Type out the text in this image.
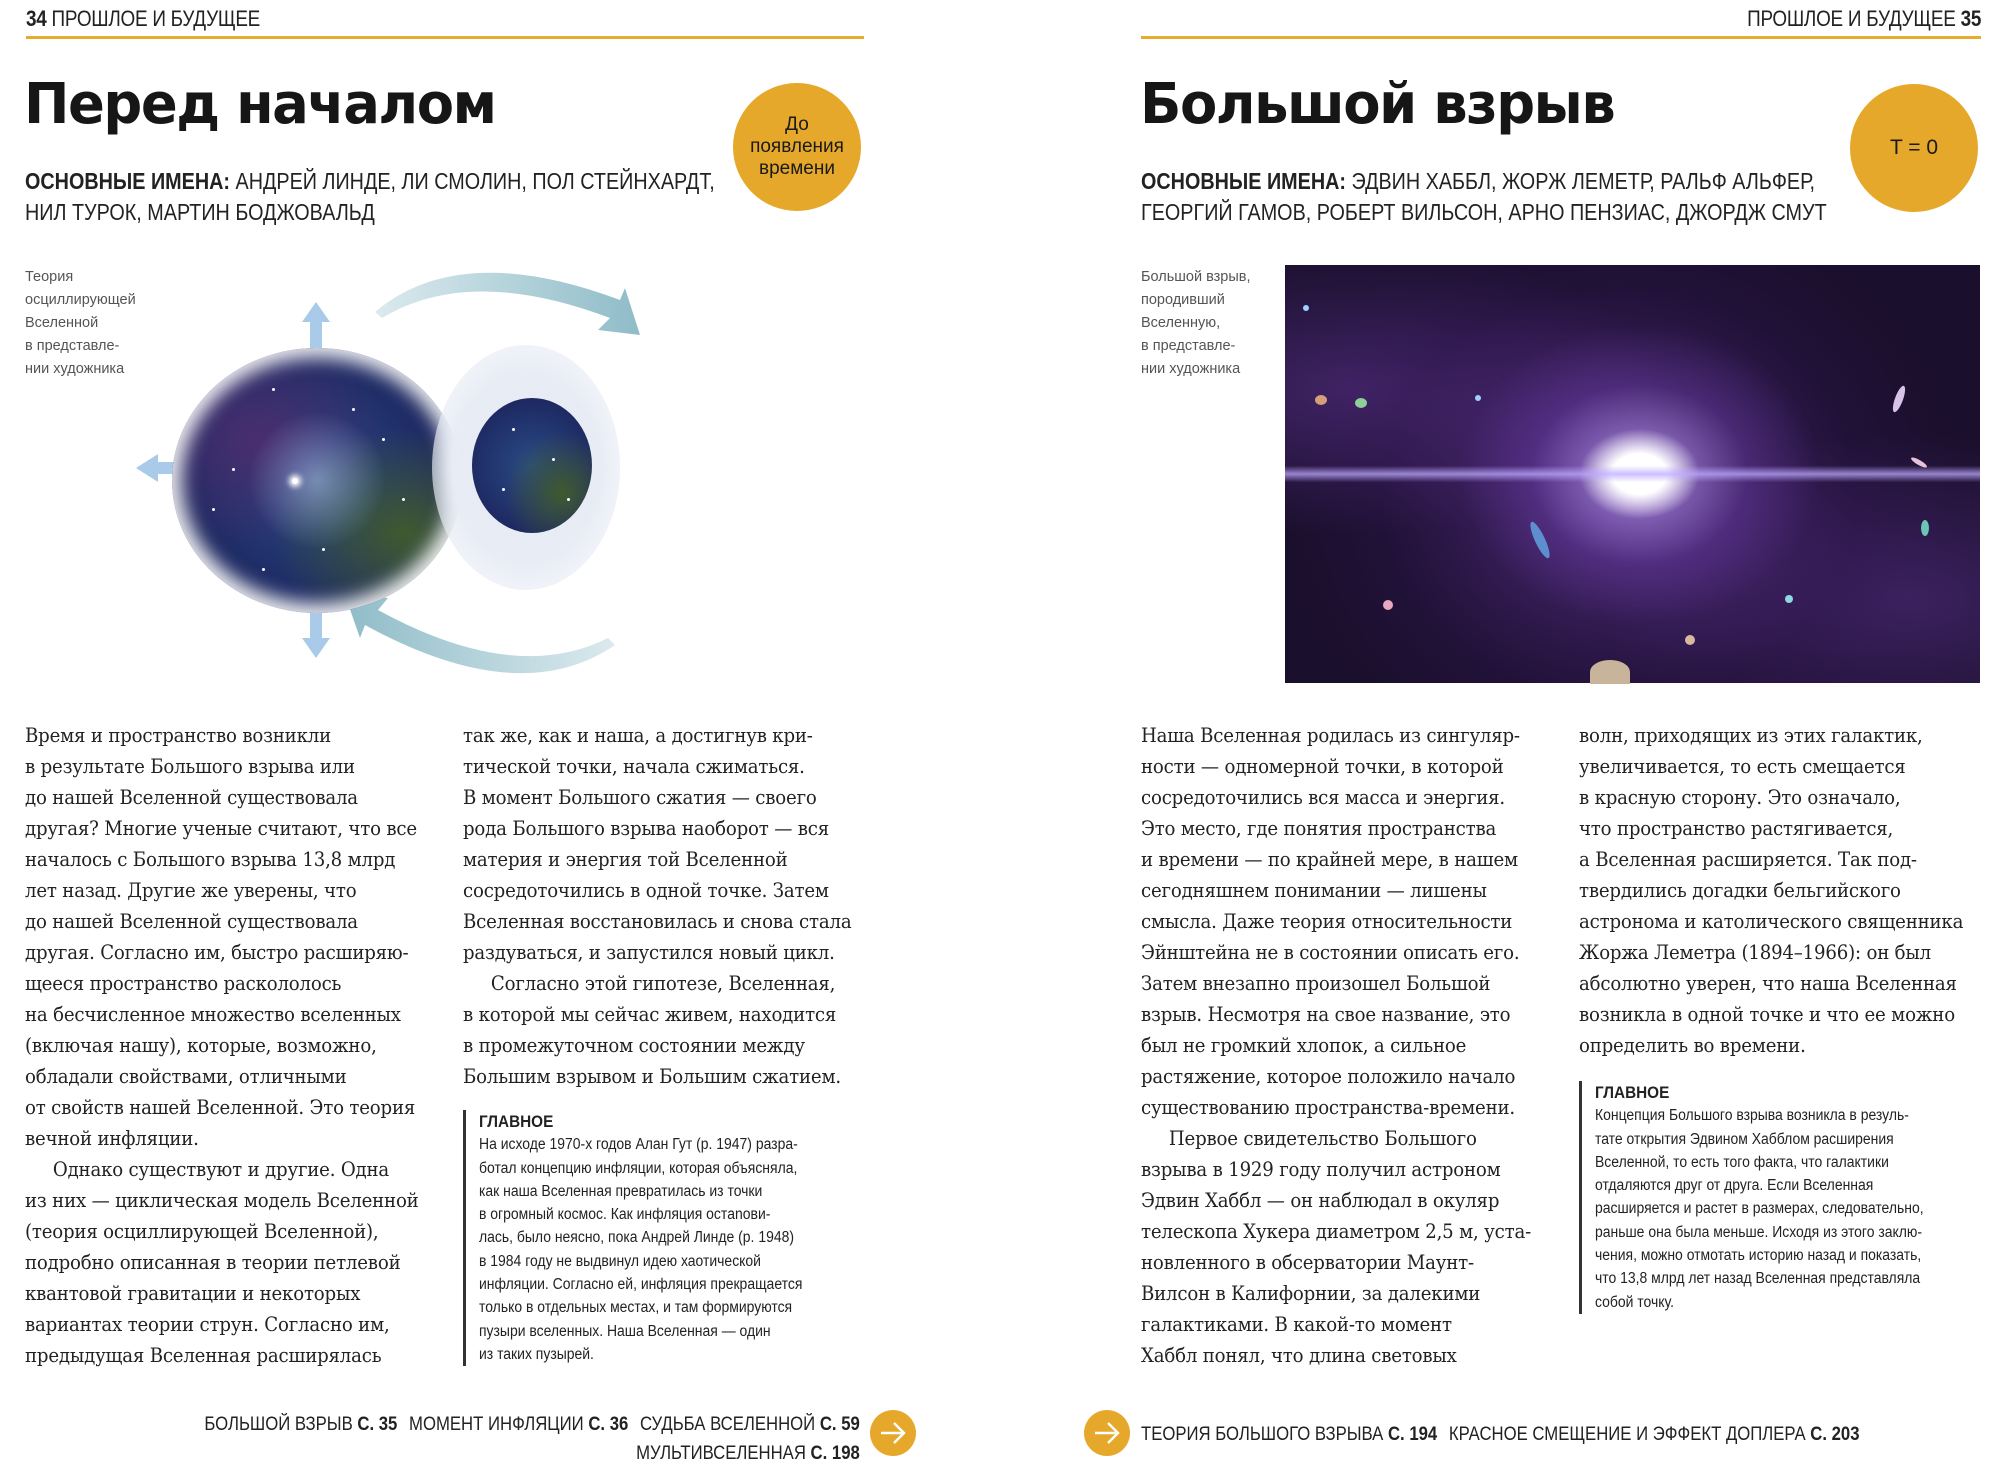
34 ПРОШЛОЕ И БУДУЩЕЕ
Перед началом	До
появления
времени
ОСНОВНЫЕ ИМЕНА: АНДРЕЙ ЛИНДЕ, ЛИ СМОЛИН, ПОЛ СТЕЙНХАРДТ,
НИЛ ТУРОК, МАРТИН БОДЖОВАЛЬД
Теория
осциллирующей
Вселенной
в представле-
нии художника
Время и пространство возникли
в результате Большого взрыва или
до нашей Вселенной существовала
другая? Многие ученые считают, что все
началось с Большого взрыва 13,8 млрд
лет назад. Другие же уверены, что
до нашей Вселенной существовала
другая. Согласно им, быстро расширяю-
щееся пространство раскололось
на бесчисленное множество вселенных
(включая нашу), которые, возможно,
обладали свойствами, отличными
от свойств нашей Вселенной. Это теория
вечной инфляции.
Однако существуют и другие. Одна
из них — циклическая модель Вселенной
(теория осциллирующей Вселенной),
подробно описанная в теории петлевой
квантовой гравитации и некоторых
вариантах теории струн. Согласно им,
предыдущая Вселенная расширялась
так же, как и наша, а достигнув кри-
тической точки, начала сжиматься.
В момент Большого сжатия — своего
рода Большого взрыва наоборот — вся
материя и энергия той Вселенной
сосредоточились в одной точке. Затем
Вселенная восстановилась и снова стала
раздуваться, и запустился новый цикл.
Согласно этой гипотезе, Вселенная,
в которой мы сейчас живем, находится
в промежуточном состоянии между
Большим взрывом и Большим сжатием.
ГЛАВНОЕ
На исходе 1970-х годов Алан Гут (р. 1947) разра-
ботал концепцию инфляции, которая объясняла,
как наша Вселенная превратилась из точки
в огромный космос. Как инфляция остanови-
лась, было неясно, пока Андрей Линде (р. 1948)
в 1984 году не выдвинул идею хаотической
инфляции. Согласно ей, инфляция прекращается
только в отдельных местах, и там формируются
пузыри вселенных. Наша Вселенная — один
из таких пузырей.
БОЛЬШОЙ ВЗРЫВ С. 35 МОМЕНТ ИНФЛЯЦИИ С. 36 СУДЬБА ВСЕЛЕННОЙ С. 59
МУЛЬТИВСЕЛЕННАЯ С. 198
ПРОШЛОЕ И БУДУЩЕЕ 35
Большой взрыв
T = 0
ОСНОВНЫЕ ИМЕНА: ЭДВИН ХАББЛ, ЖОРЖ ЛЕМЕТР, РАЛЬФ АЛЬФЕР,
ГЕОРГИЙ ГАМОВ, РОБЕРТ ВИЛЬСОН, АРНО ПЕНЗИАС, ДЖОРДЖ СМУТ
Большой взрыв,
породивший
Вселенную,
в представле-
нии художника
Наша Вселенная родилась из сингуляр-
ности — одномерной точки, в которой
сосредоточились вся масса и энергия.
Это место, где понятия пространства
и времени — по крайней мере, в нашем
сегодняшнем понимании — лишены
смысла. Даже теория относительности
Эйнштейна не в состоянии описать его.
Затем внезапно произошел Большой
взрыв. Несмотря на свое название, это
был не громкий хлопок, а сильное
растяжение, которое положило начало
существованию пространства-времени.
Первое свидетельство Большого
взрыва в 1929 году получил астроном
Эдвин Хаббл — он наблюдал в окуляр
телескопа Хукера диаметром 2,5 м, уста-
новленного в обсерватории Маунт-
Вилсон в Калифорнии, за далекими
галактиками. В какой-то момент
Хаббл понял, что длина световых
волн, приходящих из этих галактик,
увеличивается, то есть смещается
в красную сторону. Это означало,
что пространство растягивается,
а Вселенная расширяется. Так под-
твердились догадки бельгийского
астронома и католического священника
Жоржа Леметра (1894–1966): он был
абсолютно уверен, что наша Вселенная
возникла в одной точке и что ее можно
определить во времени.
ГЛАВНОЕ
Концепция Большого взрыва возникла в резуль-
тате открытия Эдвином Хабблом расширения
Вселенной, то есть того факта, что галактики
отдаляются друг от друга. Если Вселенная
расширяется и растет в размерах, следовательно,
раньше она была меньше. Исходя из этого заклю-
чения, можно отмотать историю назад и показать,
что 13,8 млрд лет назад Вселенная представляла
собой точку.
ТЕОРИЯ БОЛЬШОГО ВЗРЫВА С. 194 КРАСНОЕ СМЕЩЕНИЕ И ЭФФЕКТ ДОПЛЕРА С. 203
